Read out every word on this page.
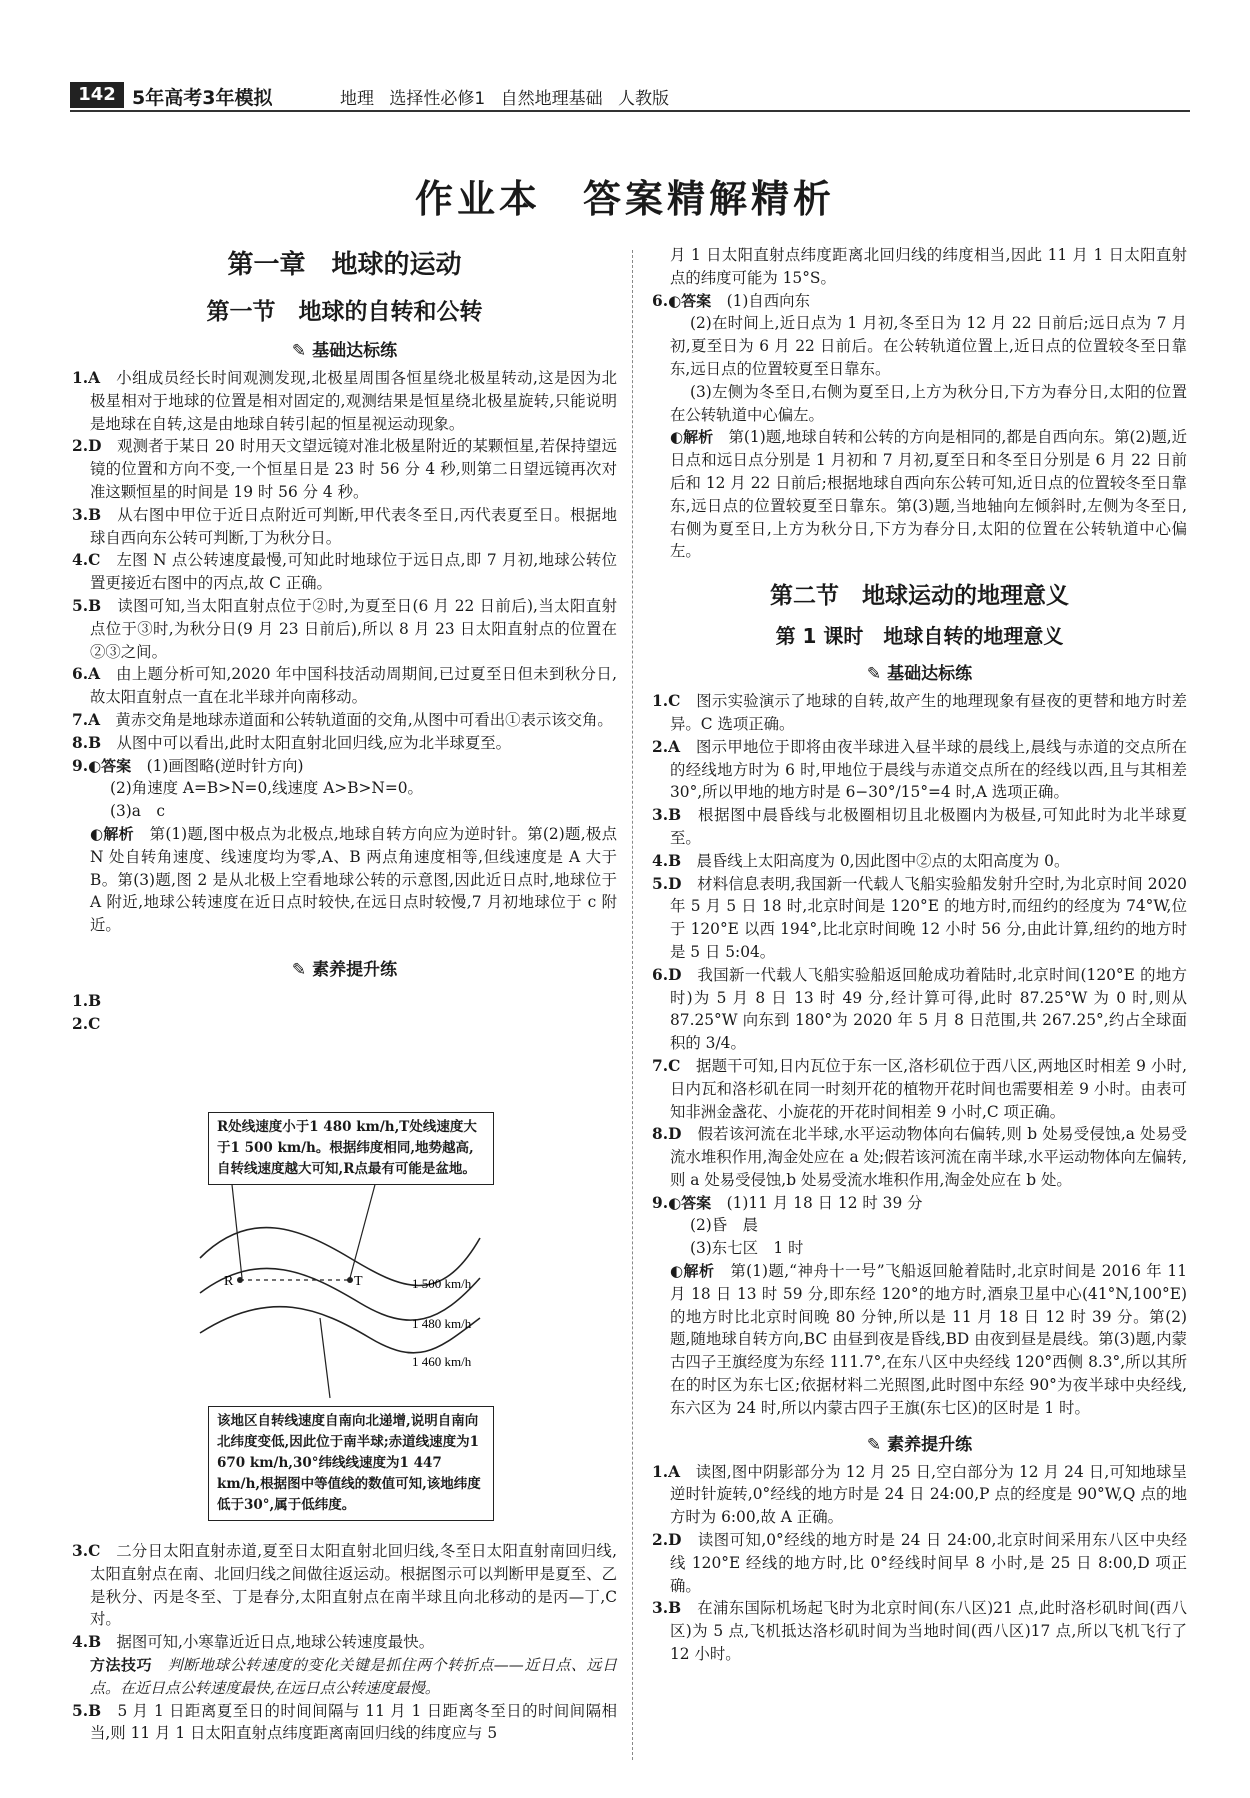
142 5年高考3年模拟	地理 选择性必修1 自然地理基础 人教版
作业本　答案精解精析
第一章　地球的运动
第一节　地球的自转和公转
✎ 基础达标练

1.A　 小组成员经长时间观测发现,北极星周围各恒星绕北极星转动,这是因为北极星相对于地球的位置是相对固定的,观测结果是恒星绕北极星旋转,只能说明是地球在自转,这是由地球自转引起的恒星视运动现象。

2.D　 观测者于某日 20 时用天文望远镜对准北极星附近的某颗恒星,若保持望远镜的位置和方向不变,一个恒星日是 23 时 56 分 4 秒,则第二日望远镜再次对准这颗恒星的时间是 19 时 56 分 4 秒。

3.B　 从右图中甲位于近日点附近可判断,甲代表冬至日,丙代表夏至日。根据地球自西向东公转可判断,丁为秋分日。

4.C　 左图 N 点公转速度最慢,可知此时地球位于远日点,即 7 月初,地球公转位置更接近右图中的丙点,故 C 正确。

5.B　 读图可知,当太阳直射点位于②时,为夏至日(6 月 22 日前后),当太阳直射点位于③时,为秋分日(9 月 23 日前后),所以 8 月 23 日太阳直射点的位置在②③之间。

6.A　 由上题分析可知,2020 年中国科技活动周期间,已过夏至日但未到秋分日,故太阳直射点一直在北半球并向南移动。

7.A　 黄赤交角是地球赤道面和公转轨道面的交角,从图中可看出①表示该交角。

8.B　 从图中可以看出,此时太阳直射北回归线,应为北半球夏至。

9.◐答案　 (1)画图略(逆时针方向)

(2)角速度 A=B>N=0,线速度 A>B>N=0。

(3)a　c

◐解析　 第(1)题,图中极点为北极点,地球自转方向应为逆时针。第(2)题,极点 N 处自转角速度、线速度均为零,A、B 两点角速度相等,但线速度是 A 大于 B。第(3)题,图 2 是从北极上空看地球公转的示意图,因此近日点时,地球位于 A 附近,地球公转速度在近日点时较快,在远日点时较慢,7 月初地球位于 c 附近。

✎ 素养提升练

1.B

2.C

R	T	1 500 km/h
1 480 km/h
1 460 km/h
R处线速度小于1 480 km/h,T处线速度大于1 500 km/h。根据纬度相同,地势越高,自转线速度越大可知,R点最有可能是盆地。
该地区自转线速度自南向北递增,说明自南向北纬度变低,因此位于南半球;赤道线速度为1 670 km/h,30°纬线线速度为1 447 km/h,根据图中等值线的数值可知,该地纬度低于30°,属于低纬度。

3.C　 二分日太阳直射赤道,夏至日太阳直射北回归线,冬至日太阳直射南回归线,太阳直射点在南、北回归线之间做往返运动。根据图示可以判断甲是夏至、乙是秋分、丙是冬至、丁是春分,太阳直射点在南半球且向北移动的是丙—丁,C 对。

4.B　 据图可知,小寒靠近近日点,地球公转速度最快。

方法技巧　 判断地球公转速度的变化关键是抓住两个转折点——近日点、远日点。在近日点公转速度最快,在远日点公转速度最慢。

5.B　 5 月 1 日距离夏至日的时间间隔与 11 月 1 日距离冬至日的时间间隔相当,则 11 月 1 日太阳直射点纬度距离南回归线的纬度应与 5

月 1 日太阳直射点纬度距离北回归线的纬度相当,因此 11 月 1 日太阳直射点的纬度可能为 15°S。

6.◐答案　 (1)自西向东

(2)在时间上,近日点为 1 月初,冬至日为 12 月 22 日前后;远日点为 7 月初,夏至日为 6 月 22 日前后。在公转轨道位置上,近日点的位置较冬至日靠东,远日点的位置较夏至日靠东。

(3)左侧为冬至日,右侧为夏至日,上方为秋分日,下方为春分日,太阳的位置在公转轨道中心偏左。

◐解析　 第(1)题,地球自转和公转的方向是相同的,都是自西向东。第(2)题,近日点和远日点分别是 1 月初和 7 月初,夏至日和冬至日分别是 6 月 22 日前后和 12 月 22 日前后;根据地球自西向东公转可知,近日点的位置较冬至日靠东,远日点的位置较夏至日靠东。第(3)题,当地轴向左倾斜时,左侧为冬至日,右侧为夏至日,上方为秋分日,下方为春分日,太阳的位置在公转轨道中心偏左。

第二节　地球运动的地理意义
第 1 课时　地球自转的地理意义
✎ 基础达标练

1.C　 图示实验演示了地球的自转,故产生的地理现象有昼夜的更替和地方时差异。C 选项正确。

2.A　 图示甲地位于即将由夜半球进入昼半球的晨线上,晨线与赤道的交点所在的经线地方时为 6 时,甲地位于晨线与赤道交点所在的经线以西,且与其相差 30°,所以甲地的地方时是 6−30°/15°=4 时,A 选项正确。

3.B　 根据图中晨昏线与北极圈相切且北极圈内为极昼,可知此时为北半球夏至。

4.B　 晨昏线上太阳高度为 0,因此图中②点的太阳高度为 0。

5.D　 材料信息表明,我国新一代载人飞船实验船发射升空时,为北京时间 2020 年 5 月 5 日 18 时,北京时间是 120°E 的地方时,而纽约的经度为 74°W,位于 120°E 以西 194°,比北京时间晚 12 小时 56 分,由此计算,纽约的地方时是 5 日 5:04。

6.D　 我国新一代载人飞船实验船返回舱成功着陆时,北京时间(120°E 的地方时)为 5 月 8 日 13 时 49 分,经计算可得,此时 87.25°W 为 0 时,则从 87.25°W 向东到 180°为 2020 年 5 月 8 日范围,共 267.25°,约占全球面积的 3/4。

7.C　 据题干可知,日内瓦位于东一区,洛杉矶位于西八区,两地区时相差 9 小时,日内瓦和洛杉矶在同一时刻开花的植物开花时间也需要相差 9 小时。由表可知非洲金盏花、小旋花的开花时间相差 9 小时,C 项正确。

8.D　 假若该河流在北半球,水平运动物体向右偏转,则 b 处易受侵蚀,a 处易受流水堆积作用,淘金处应在 a 处;假若该河流在南半球,水平运动物体向左偏转,则 a 处易受侵蚀,b 处易受流水堆积作用,淘金处应在 b 处。

9.◐答案　 (1)11 月 18 日 12 时 39 分

(2)昏　晨

(3)东七区　1 时

◐解析　 第(1)题,“神舟十一号”飞船返回舱着陆时,北京时间是 2016 年 11 月 18 日 13 时 59 分,即东经 120°的地方时,酒泉卫星中心(41°N,100°E)的地方时比北京时间晚 80 分钟,所以是 11 月 18 日 12 时 39 分。第(2)题,随地球自转方向,BC 由昼到夜是昏线,BD 由夜到昼是晨线。第(3)题,内蒙古四子王旗经度为东经 111.7°,在东八区中央经线 120°西侧 8.3°,所以其所在的时区为东七区;依据材料二光照图,此时图中东经 90°为夜半球中央经线,东六区为 24 时,所以内蒙古四子王旗(东七区)的区时是 1 时。

✎ 素养提升练

1.A　 读图,图中阴影部分为 12 月 25 日,空白部分为 12 月 24 日,可知地球呈逆时针旋转,0°经线的地方时是 24 日 24:00,P 点的经度是 90°W,Q 点的地方时为 6:00,故 A 正确。

2.D　 读图可知,0°经线的地方时是 24 日 24:00,北京时间采用东八区中央经线 120°E 经线的地方时,比 0°经线时间早 8 小时,是 25 日 8:00,D 项正确。

3.B　 在浦东国际机场起飞时为北京时间(东八区)21 点,此时洛杉矶时间(西八区)为 5 点,飞机抵达洛杉矶时间为当地时间(西八区)17 点,所以飞机飞行了 12 小时。
